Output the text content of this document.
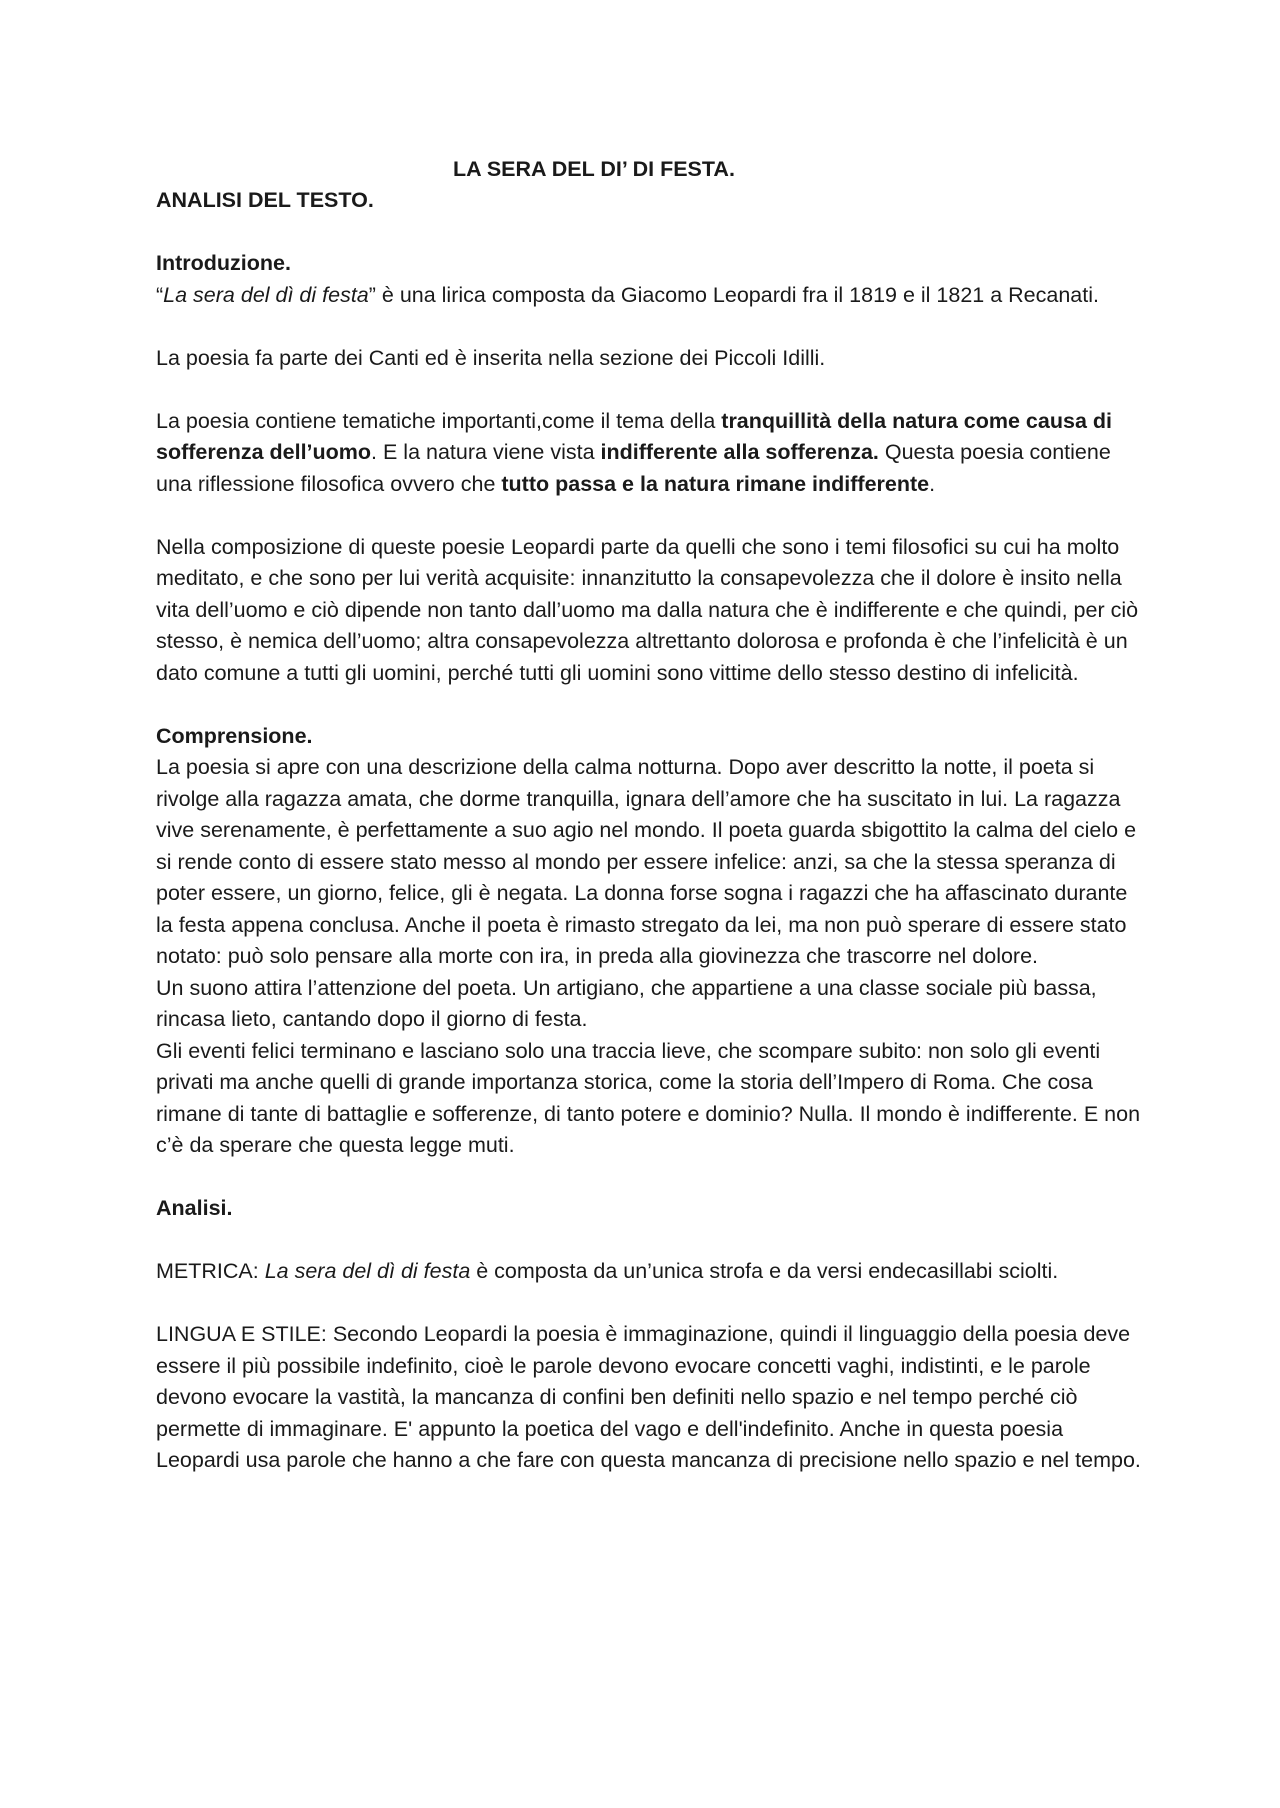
LA SERA DEL DI’ DI FESTA.
ANALISI DEL TESTO.

Introduzione.

“La sera del dì di festa” è una lirica composta da Giacomo Leopardi fra il 1819 e il 1821 a Recanati.

La poesia fa parte dei Canti ed è inserita nella sezione dei Piccoli Idilli.

La poesia contiene tematiche importanti,come il tema della tranquillità della natura come causa di sofferenza dell’uomo. E la natura viene vista indifferente alla sofferenza. Questa poesia contiene una riflessione filosofica ovvero che tutto passa e la natura rimane indifferente.

Nella composizione di queste poesie Leopardi parte da quelli che sono i temi filosofici su cui ha molto meditato, e che sono per lui verità acquisite: innanzitutto la consapevolezza che il dolore è insito nella vita dell’uomo e ciò dipende non tanto dall’uomo ma dalla natura che è indifferente e che quindi, per ciò stesso, è nemica dell’uomo; altra consapevolezza altrettanto dolorosa e profonda è che l’infelicità è un dato comune a tutti gli uomini, perché tutti gli uomini sono vittime dello stesso destino di infelicità.

Comprensione.

La poesia si apre con una descrizione della calma notturna. Dopo aver descritto la notte, il poeta si rivolge alla ragazza amata, che dorme tranquilla, ignara dell’amore che ha suscitato in lui. La ragazza vive serenamente, è perfettamente a suo agio nel mondo. Il poeta guarda sbigottito la calma del cielo e si rende conto di essere stato messo al mondo per essere infelice: anzi, sa che la stessa speranza di poter essere, un giorno, felice, gli è negata. La donna forse sogna i ragazzi che ha affascinato durante la festa appena conclusa. Anche il poeta è rimasto stregato da lei, ma non può sperare di essere stato notato: può solo pensare alla morte con ira, in preda alla giovinezza che trascorre nel dolore.

Un suono attira l’attenzione del poeta. Un artigiano, che appartiene a una classe sociale più bassa, rincasa lieto, cantando dopo il giorno di festa.

Gli eventi felici terminano e lasciano solo una traccia lieve, che scompare subito: non solo gli eventi privati ma anche quelli di grande importanza storica, come la storia dell’Impero di Roma. Che cosa rimane di tante di battaglie e sofferenze, di tanto potere e dominio? Nulla. Il mondo è indifferente. E non c’è da sperare che questa legge muti.

Analisi.

METRICA: La sera del dì di festa è composta da un’unica strofa e da versi endecasillabi sciolti.

LINGUA E STILE: Secondo Leopardi la poesia è immaginazione, quindi il linguaggio della poesia deve essere il più possibile indefinito, cioè le parole devono evocare concetti vaghi, indistinti, e le parole devono evocare la vastità, la mancanza di confini ben definiti nello spazio e nel tempo perché ciò permette di immaginare. E' appunto la poetica del vago e dell'indefinito. Anche in questa poesia Leopardi usa parole che hanno a che fare con questa mancanza di precisione nello spazio e nel tempo.
